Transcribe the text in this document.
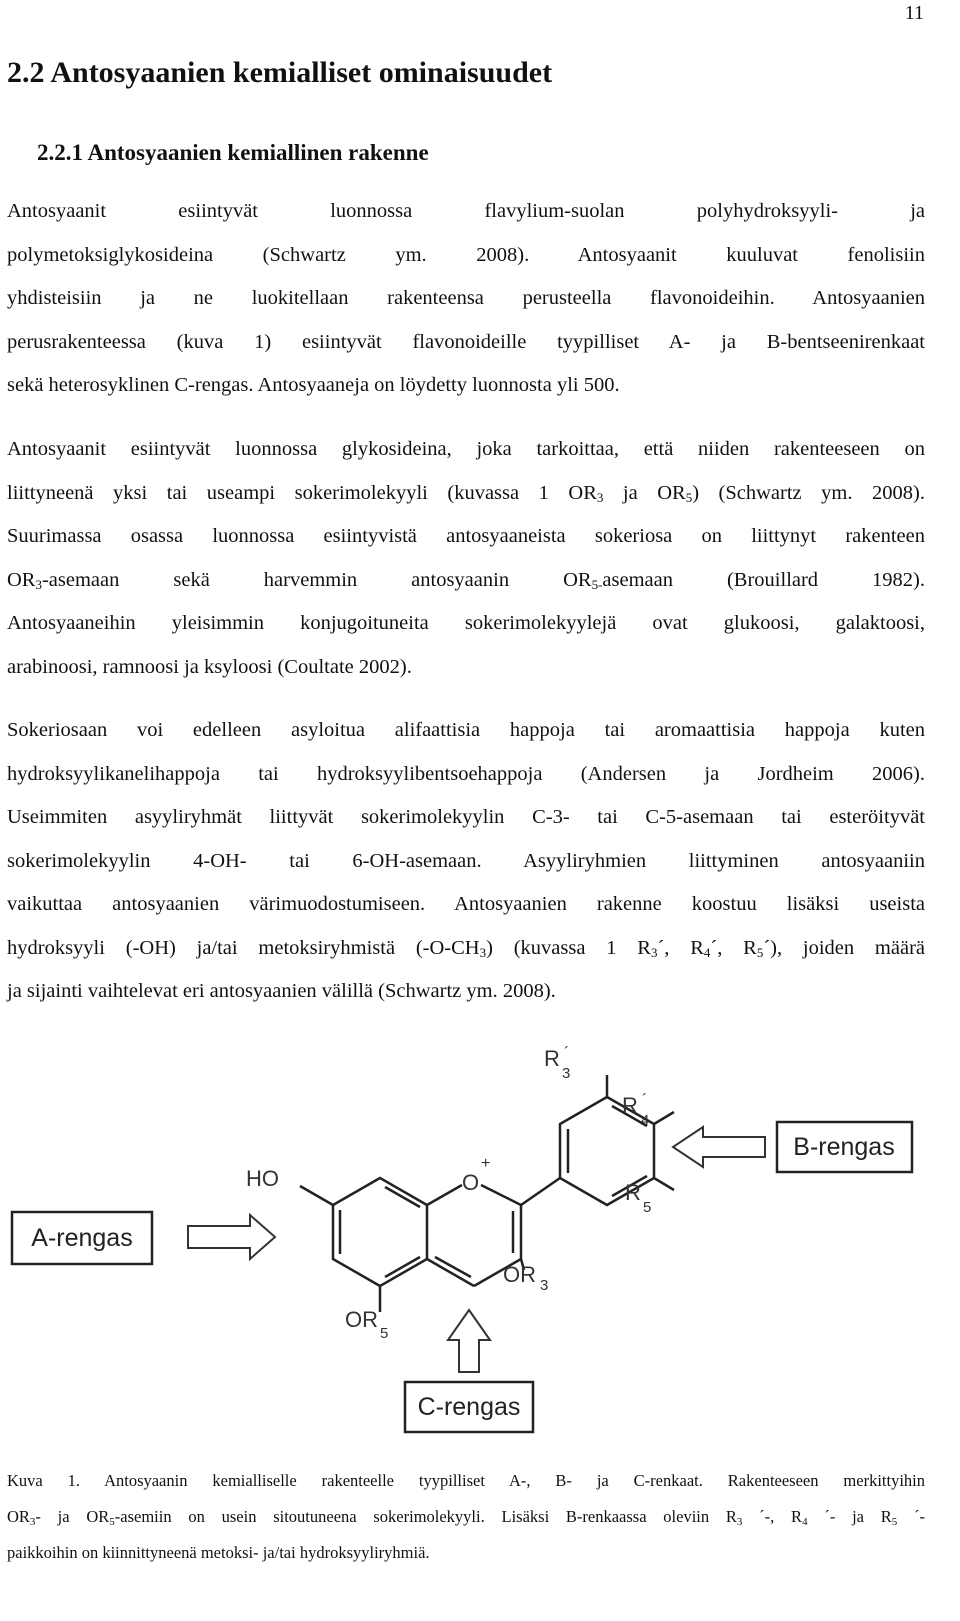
11
2.2 Antosyaanien kemialliset ominaisuudet
2.2.1 Antosyaanien kemiallinen rakenne
Antosyaanit esiintyvät luonnossa flavylium-suolan polyhydroksyyli- ja
polymetoksiglykosideina (Schwartz ym. 2008). Antosyaanit kuuluvat fenolisiin
yhdisteisiin ja ne luokitellaan rakenteensa perusteella flavonoideihin. Antosyaanien
perusrakenteessa (kuva 1) esiintyvät flavonoideille tyypilliset A- ja B-bentseenirenkaat
sekä heterosyklinen C-rengas. Antosyaaneja on löydetty luonnosta yli 500.
Antosyaanit esiintyvät luonnossa glykosideina, joka tarkoittaa, että niiden rakenteeseen on
liittyneenä yksi tai useampi sokerimolekyyli (kuvassa 1 $OR_3$ ja $OR_5$) (Schwartz ym. 2008).
Suurimassa osassa luonnossa esiintyvistä antosyaaneista sokeriosa on liittynyt rakenteen
$OR_3$-asemaan sekä harvemmin antosyaanin $OR_{5-}asemaan$ (Brouillard 1982).
Antosyaaneihin yleisimmin konjugoituneita sokerimolekyylejä ovat glukoosi, galaktoosi,
arabinoosi, ramnoosi ja ksyloosi (Coultate 2002).
Sokeriosaan voi edelleen asyloitua alifaattisia happoja tai aromaattisia happoja kuten
hydroksyylikanelihappoja tai hydroksyylibentsoehappoja (Andersen ja Jordheim 2006).
Useimmiten asyyliryhmät liittyvät sokerimolekyylin C-3- tai C-5-asemaan tai esteröityvät
sokerimolekyylin 4-OH- tai 6-OH-asemaan. Asyyliryhmien liittyminen antosyaaniin
vaikuttaa antosyaanien värimuodostumiseen. Antosyaanien rakenne koostuu lisäksi useista
hydroksyyli (-OH) ja/tai metoksiryhmistä $(-O-CH_3)$ (kuvassa 1 $R_3´$, $R_4´$, $R_5´$), joiden määrä
ja sijainti vaihtelevat eri antosyaanien välillä (Schwartz ym. 2008).
HO	O
+
OR 3
OR
5
R ´
3
R ´
4
R ´
5
B-rengas
A-rengas
C-rengas
Kuva 1. Antosyaanin kemialliselle rakenteelle tyypilliset A-, B- ja C-renkaat. Rakenteeseen merkittyihin
$OR_3-$ ja $OR_5$-asemiin on usein sitoutuneena sokerimolekyyli. Lisäksi B-renkaassa oleviin $R_3$ ´-, $R_4$ ´- ja $R_5$ ´-
paikkoihin on kiinnittyneenä metoksi- ja/tai hydroksyyliryhmiä.
